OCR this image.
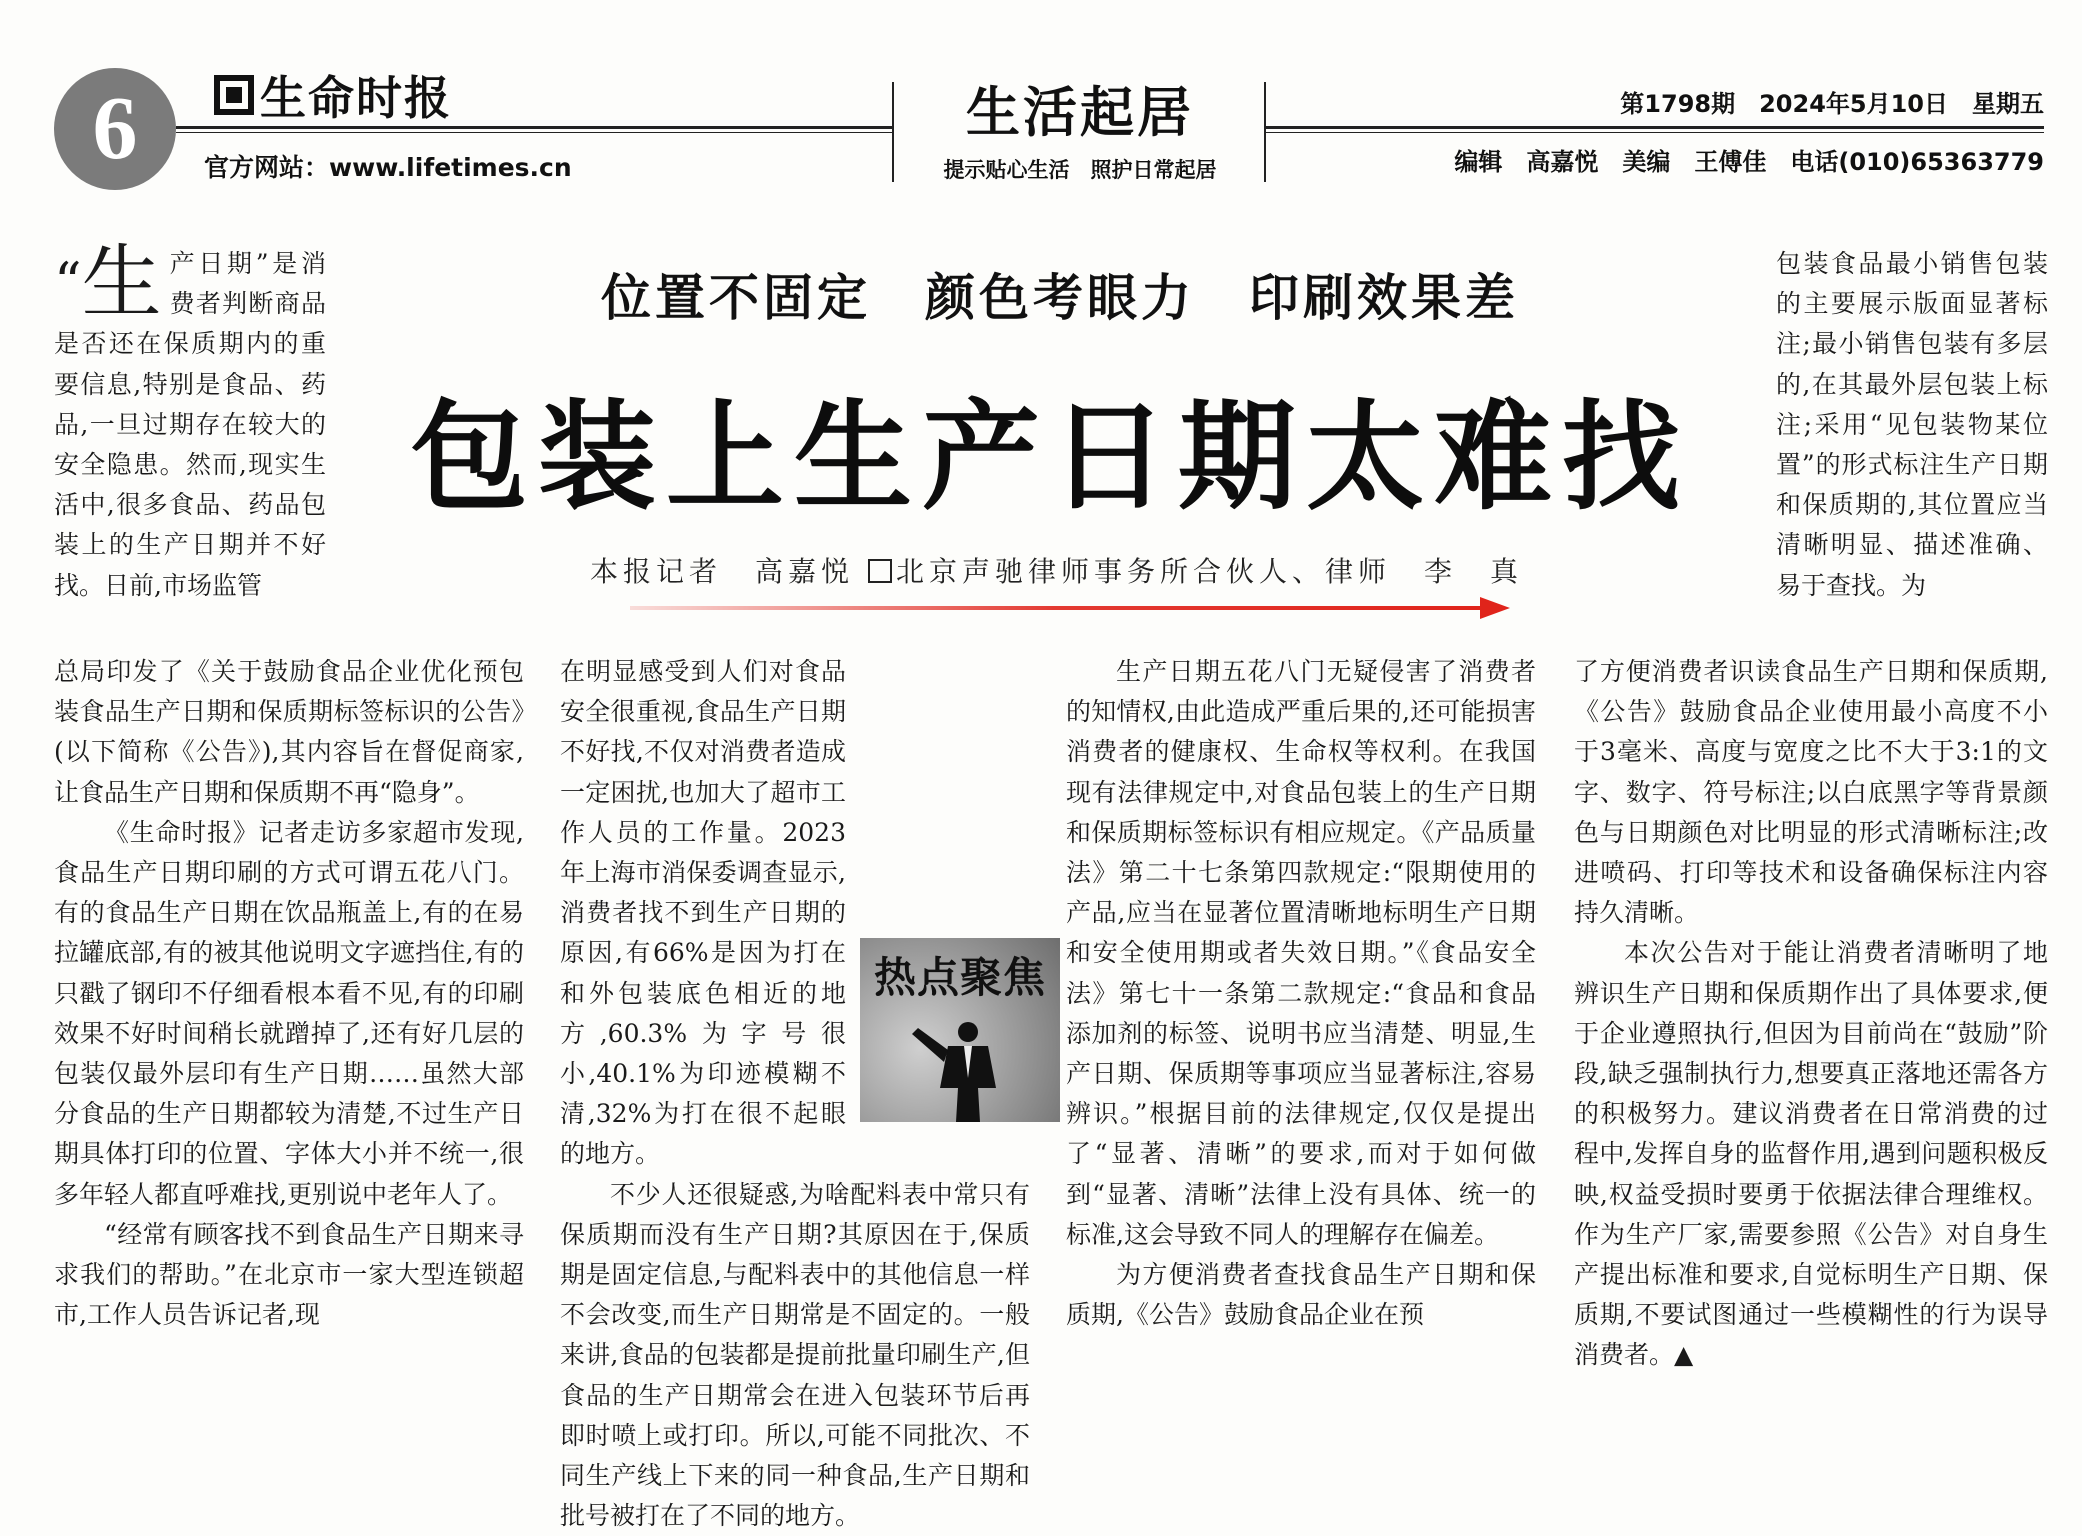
6	生命时报
官方网站：www.lifetimes.cn
生活起居
提示贴心生活　照护日常起居
第1798期　2024年5月10日　星期五
编辑　高嘉悦　美编　王傅佳　电话(010)65363779
位置不固定　颜色考眼力　印刷效果差
包装上生产日期太难找
本报记者　高嘉悦 北京声驰律师事务所合伙人、律师　李　真

“生 产日期”是消费者判断商品是否还在保质期内的重要信息,特别是食品、药品,一旦过期存在较大的安全隐患。然而,现实生活中,很多食品、药品包装上的生产日期并不好找。日前,市场监管

总局印发了《关于鼓励食品企业优化预包装食品生产日期和保质期标签标识的公告》(以下简称《公告》),其内容旨在督促商家,让食品生产日期和保质期不再“隐身”。

《生命时报》记者走访多家超市发现,食品生产日期印刷的方式可谓五花八门。有的食品生产日期在饮品瓶盖上,有的在易拉罐底部,有的被其他说明文字遮挡住,有的只戳了钢印不仔细看根本看不见,有的印刷效果不好时间稍长就蹭掉了,还有好几层的包装仅最外层印有生产日期……虽然大部分食品的生产日期都较为清楚,不过生产日期具体打印的位置、字体大小并不统一,很多年轻人都直呼难找,更别说中老年人了。

“经常有顾客找不到食品生产日期来寻求我们的帮助。”在北京市一家大型连锁超市,工作人员告诉记者,现

热点聚焦
在明显感受到人们对食品安全很重视,食品生产日期不好找,不仅对消费者造成一定困扰,也加大了超市工作人员的工作量。2023年上海市消保委调查显示,消费者找不到生产日期的原因,有66%是因为打在和外包装底色相近的地方,60.3%为字号很小,40.1%为印迹模糊不清,32%为打在很不起眼的地方。

不少人还很疑惑,为啥配料表中常只有保质期而没有生产日期?其原因在于,保质期是固定信息,与配料表中的其他信息一样不会改变,而生产日期常是不固定的。一般来讲,食品的包装都是提前批量印刷生产,但食品的生产日期常会在进入包装环节后再即时喷上或打印。所以,可能不同批次、不同生产线上下来的同一种食品,生产日期和批号被打在了不同的地方。

生产日期五花八门无疑侵害了消费者的知情权,由此造成严重后果的,还可能损害消费者的健康权、生命权等权利。在我国现有法律规定中,对食品包装上的生产日期和保质期标签标识有相应规定。《产品质量法》第二十七条第四款规定:“限期使用的产品,应当在显著位置清晰地标明生产日期和安全使用期或者失效日期。”《食品安全法》第七十一条第二款规定:“食品和食品添加剂的标签、说明书应当清楚、明显,生产日期、保质期等事项应当显著标注,容易辨识。”根据目前的法律规定,仅仅是提出了“显著、清晰”的要求,而对于如何做到“显著、清晰”法律上没有具体、统一的标准,这会导致不同人的理解存在偏差。

为方便消费者查找食品生产日期和保质期,《公告》鼓励食品企业在预

包装食品最小销售包装的主要展示版面显著标注;最小销售包装有多层的,在其最外层包装上标注;采用“见包装物某位置”的形式标注生产日期和保质期的,其位置应当清晰明显、描述准确、易于查找。为

了方便消费者识读食品生产日期和保质期,《公告》鼓励食品企业使用最小高度不小于3毫米、高度与宽度之比不大于3:1的文字、数字、符号标注;以白底黑字等背景颜色与日期颜色对比明显的形式清晰标注;改进喷码、打印等技术和设备确保标注内容持久清晰。

本次公告对于能让消费者清晰明了地辨识生产日期和保质期作出了具体要求,便于企业遵照执行,但因为目前尚在“鼓励”阶段,缺乏强制执行力,想要真正落地还需各方的积极努力。建议消费者在日常消费的过程中,发挥自身的监督作用,遇到问题积极反映,权益受损时要勇于依据法律合理维权。作为生产厂家,需要参照《公告》对自身生产提出标准和要求,自觉标明生产日期、保质期,不要试图通过一些模糊性的行为误导消费者。▲
